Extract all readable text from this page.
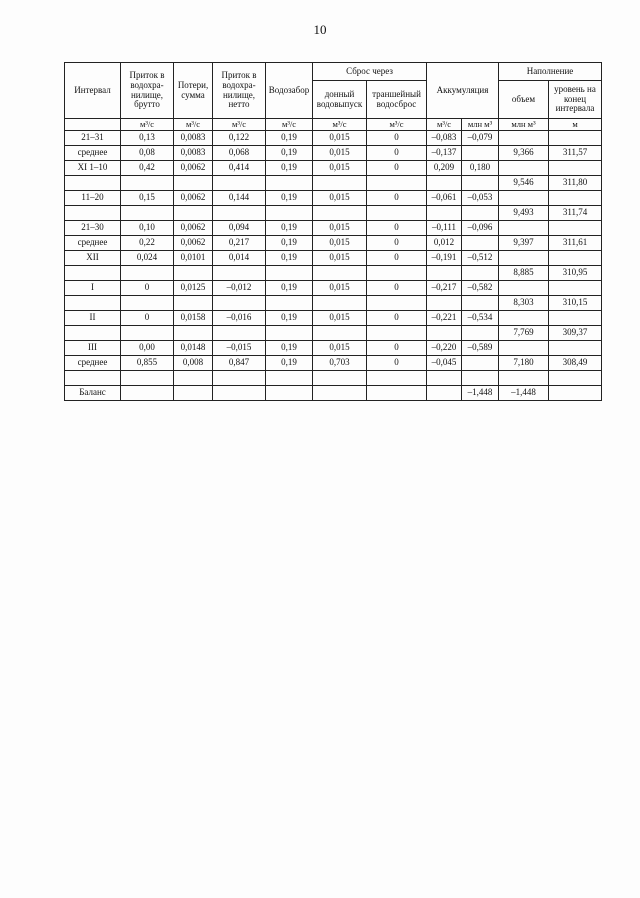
10
Интервал	Приток в водохра-нилище, брутто	Потери, сумма	Приток в водохра-нилище, нетто	Водозабор	Сброс через		Аккумуляция		Наполнение	
					донный водовыпуск	траншейный водосброс			объем	уровень на конец интервала
	м³/с	м³/с	м³/с	м³/с	м³/с	м³/с	м³/с	млн м³	млн м³	м
21–31	0,13	0,0083	0,122	0,19	0,015	0	–0,083	–0,079		
среднее	0,08	0,0083	0,068	0,19	0,015	0	–0,137		9,366	311,57
XI 1–10	0,42	0,0062	0,414	0,19	0,015	0	0,209	0,180		
									9,546	311,80
11–20	0,15	0,0062	0,144	0,19	0,015	0	–0,061	–0,053		
									9,493	311,74
21–30	0,10	0,0062	0,094	0,19	0,015	0	–0,111	–0,096		
среднее	0,22	0,0062	0,217	0,19	0,015	0	0,012		9,397	311,61
XII	0,024	0,0101	0,014	0,19	0,015	0	–0,191	–0,512		
									8,885	310,95
I	0	0,0125	–0,012	0,19	0,015	0	–0,217	–0,582		
									8,303	310,15
II	0	0,0158	–0,016	0,19	0,015	0	–0,221	–0,534		
									7,769	309,37
III	0,00	0,0148	–0,015	0,19	0,015	0	–0,220	–0,589		
среднее	0,855	0,008	0,847	0,19	0,703	0	–0,045		7,180	308,49

Баланс								–1,448	–1,448	
